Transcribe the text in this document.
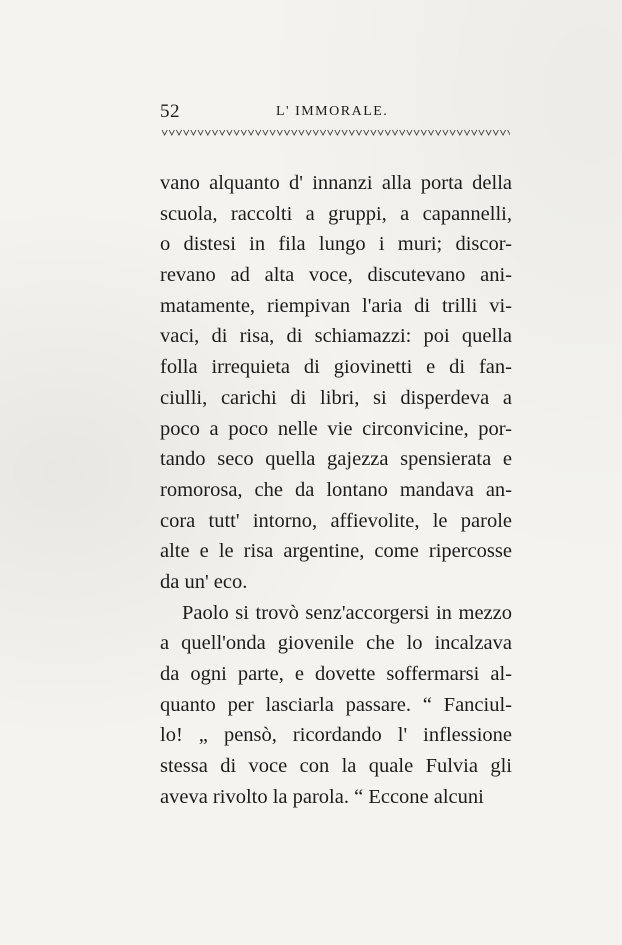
52	L' IMMORALE.
vano alquanto d' innanzi alla porta della
scuola, raccolti a gruppi, a capannelli,
o distesi in fila lungo i muri; discor-
revano ad alta voce, discutevano ani-
matamente, riempivan l'aria di trilli vi-
vaci, di risa, di schiamazzi: poi quella
folla irrequieta di giovinetti e di fan-
ciulli, carichi di libri, si disperdeva a
poco a poco nelle vie circonvicine, por-
tando seco quella gajezza spensierata e
romorosa, che da lontano mandava an-
cora tutt' intorno, affievolite, le parole
alte e le risa argentine, come ripercosse
da un' eco.
Paolo si trovò senz'accorgersi in mezzo
a quell'onda giovenile che lo incalzava
da ogni parte, e dovette soffermarsi al-
quanto per lasciarla passare. “ Fanciul-
lo! „ pensò, ricordando l' inflessione
stessa di voce con la quale Fulvia gli
aveva rivolto la parola. “ Eccone alcuni
